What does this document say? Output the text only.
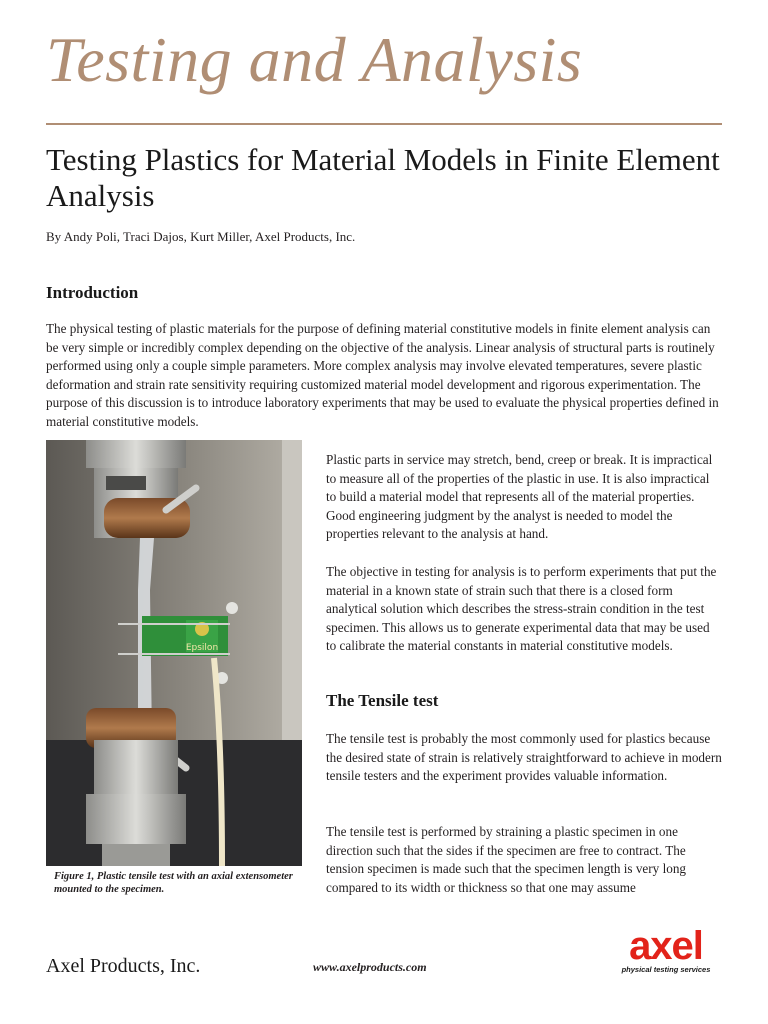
Testing and Analysis
Testing Plastics for Material Models in Finite Element Analysis
By Andy Poli, Traci Dajos, Kurt Miller, Axel Products, Inc.
Introduction

The physical testing of plastic materials for the purpose of defining material constitutive models in finite element analysis can be very simple or incredibly complex depending on the objective of the analysis. Linear analysis of structural parts is routinely performed using only a couple simple parameters. More complex analysis may involve elevated temperatures, severe plastic deformation and strain rate sensitivity requiring customized material model development and rigorous experimentation. The purpose of this discussion is to introduce laboratory experiments that may be used to evaluate the physical properties defined in material constitutive models.

Epsilon

Figure 1, Plastic tensile test with an axial extensometer mounted to the specimen.

Plastic parts in service may stretch, bend, creep or break. It is impractical to measure all of the properties of the plastic in use. It is also impractical to build a material model that represents all of the material properties. Good engineering judgment by the analyst is needed to model the properties relevant to the analysis at hand.

The objective in testing for analysis is to perform experiments that put the material in a known state of strain such that there is a closed form analytical solution which describes the stress-strain condition in the test specimen. This allows us to generate experimental data that may be used to calibrate the material constants in material constitutive models.

The Tensile test

The tensile test is probably the most commonly used for plastics because the desired state of strain is relatively straightforward to achieve in modern tensile testers and the experiment provides valuable information.

The tensile test is performed by straining a plastic specimen in one direction such that the sides if the specimen are free to contract. The tension specimen is made such that the specimen length is very long compared to its width or thickness so that one may assume

Axel Products, Inc.	www.axelproducts.com	axel
physical testing services
